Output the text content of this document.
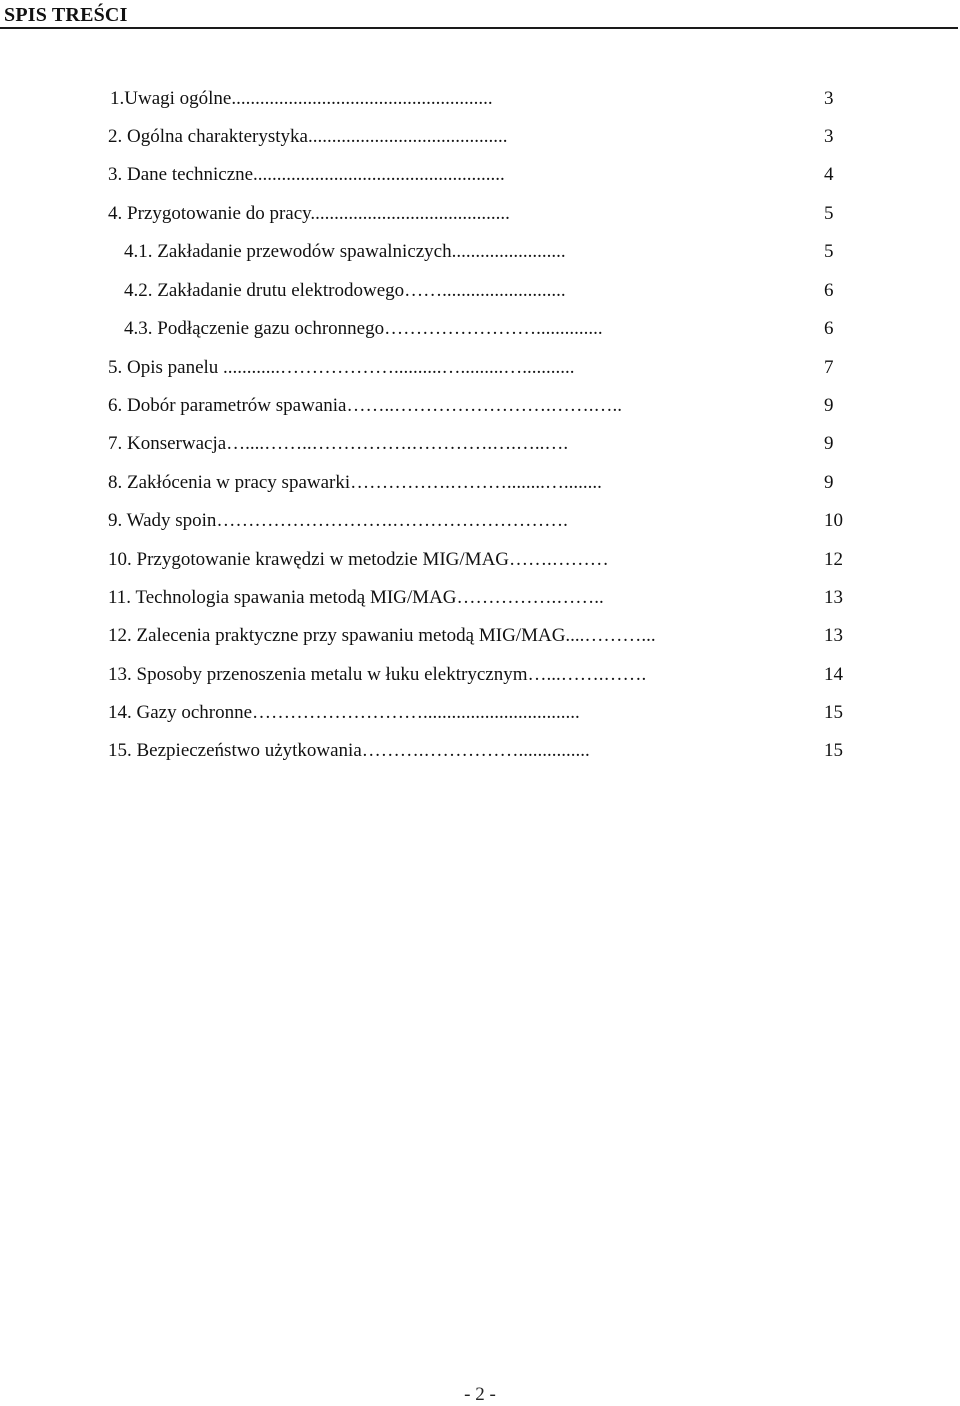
SPIS TREŚCI
1.Uwagi ogólne.......................................................	3
2. Ogólna charakterystyka..........................................	3
3. Dane techniczne.....................................................	4
4. Przygotowanie do pracy..........................................	5
4.1. Zakładanie przewodów spawalniczych........................	5
4.2. Zakładanie drutu elektrodowego……..........................	6
4.3. Podłączenie gazu ochronnego……………………..............	6
5. Opis panelu ............………………..........….........…...........	7
6. Dobór parametrów spawania……..…………………….…….…..	9
7. Konserwacja…....……..…………….………….….…..….	9
8. Zakłócenia w pracy spawarki…………….………........…........	9
9. Wady spoin……………………….……………………….	10
10. Przygotowanie krawędzi w metodzie MIG/MAG…….………	12
11. Technologia spawania metodą MIG/MAG…………….……..	13
12. Zalecenia praktyczne przy spawaniu metodą MIG/MAG....………...	13
13. Sposoby przenoszenia metalu w łuku elektrycznym…...…….…….	14
14. Gazy ochronne……………………….................................	15
15. Bezpieczeństwo użytkowania……….……………...............	15
- 2 -
